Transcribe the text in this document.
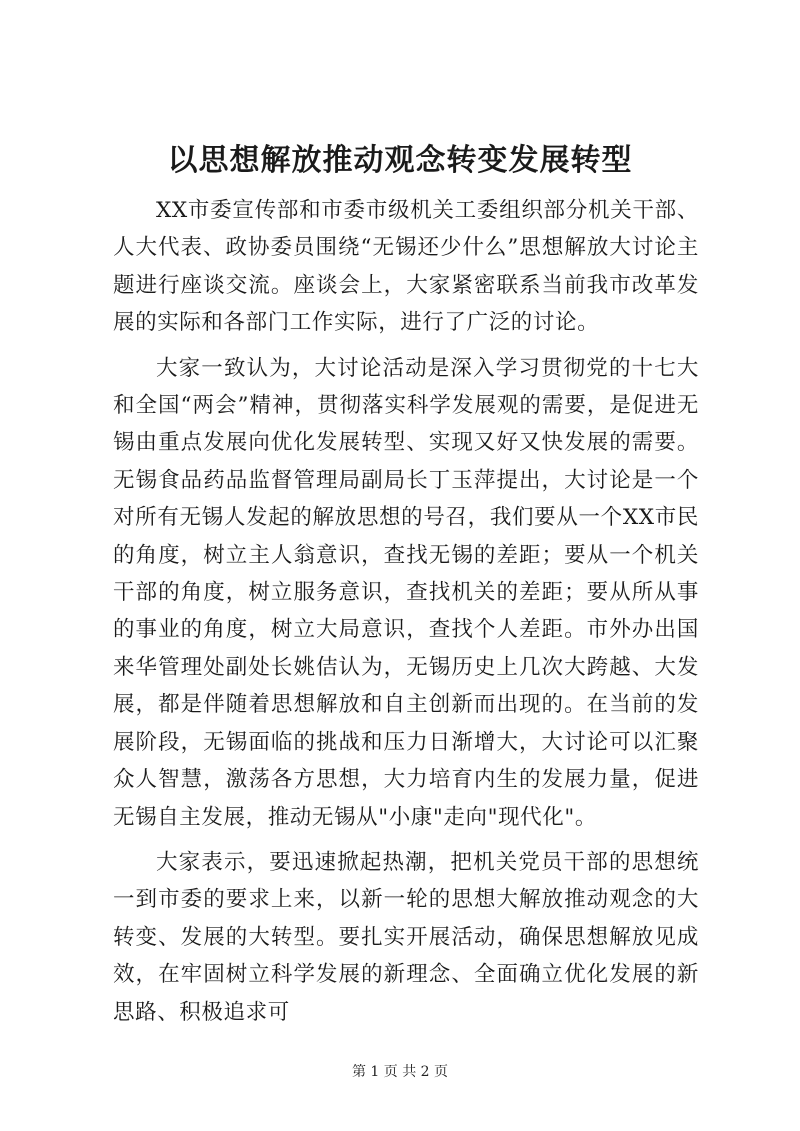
以思想解放推动观念转变发展转型

XX市委宣传部和市委市级机关工委组织部分机关干部、人大代表、政协委员围绕“无锡还少什么”思想解放大讨论主题进行座谈交流。座谈会上，大家紧密联系当前我市改革发展的实际和各部门工作实际，进行了广泛的讨论。

大家一致认为，大讨论活动是深入学习贯彻党的十七大和全国“两会”精神，贯彻落实科学发展观的需要，是促进无锡由重点发展向优化发展转型、实现又好又快发展的需要。无锡食品药品监督管理局副局长丁玉萍提出，大讨论是一个对所有无锡人发起的解放思想的号召，我们要从一个XX市民的角度，树立主人翁意识，查找无锡的差距；要从一个机关干部的角度，树立服务意识，查找机关的差距；要从所从事的事业的角度，树立大局意识，查找个人差距。市外办出国来华管理处副处长姚佶认为，无锡历史上几次大跨越、大发展，都是伴随着思想解放和自主创新而出现的。在当前的发展阶段，无锡面临的挑战和压力日渐增大，大讨论可以汇聚众人智慧，激荡各方思想，大力培育内生的发展力量，促进无锡自主发展，推动无锡从"小康"走向"现代化"。

大家表示，要迅速掀起热潮，把机关党员干部的思想统一到市委的要求上来，以新一轮的思想大解放推动观念的大转变、发展的大转型。要扎实开展活动，确保思想解放见成效，在牢固树立科学发展的新理念、全面确立优化发展的新思路、积极追求可

第 1 页 共 2 页
